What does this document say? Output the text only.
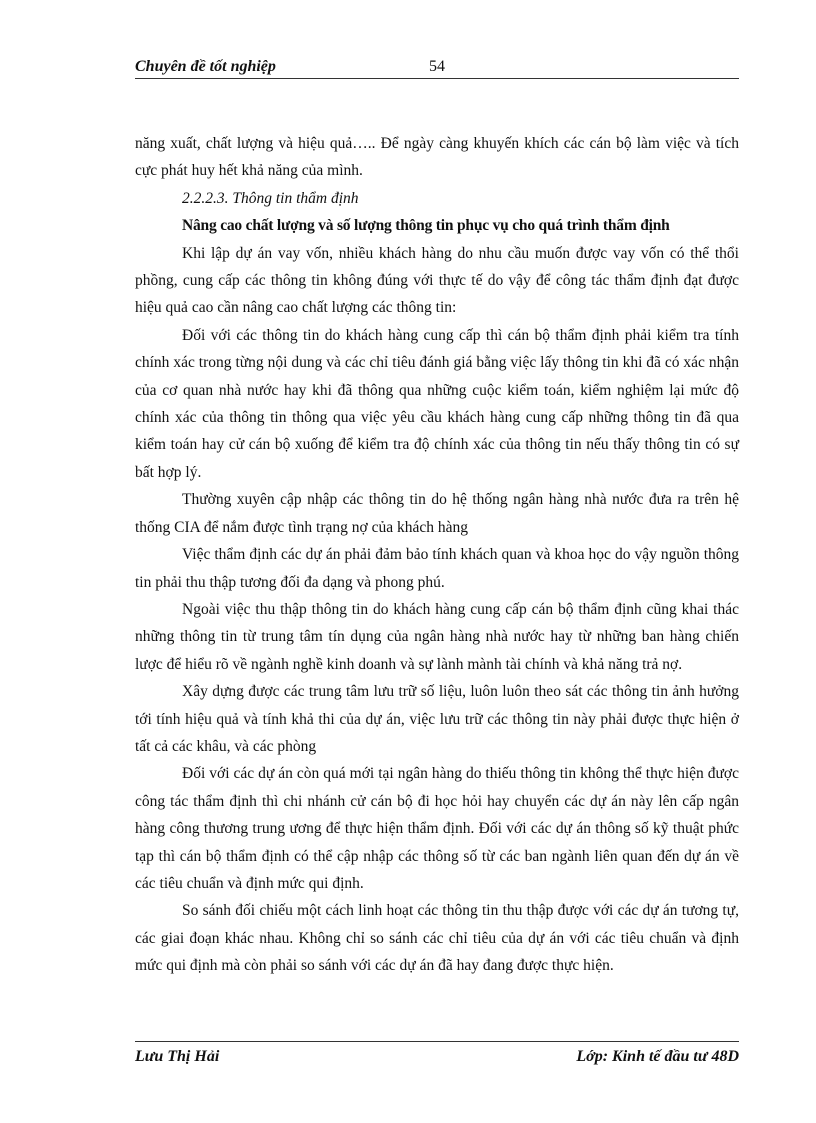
Chuyên đề tốt nghiệp	54

năng xuất, chất lượng và hiệu quả….. Để ngày càng khuyến khích các cán bộ làm việc và tích cực phát huy hết khả năng của mình.

2.2.2.3. Thông tin thẩm định

Nâng cao chất lượng và số lượng thông tin phục vụ cho quá trình thẩm định

Khi lập dự án vay vốn, nhiều khách hàng do nhu cầu muốn được vay vốn có thể thổi phồng, cung cấp các thông tin không đúng với thực tế do vậy để công tác thẩm định đạt được hiệu quả cao cần nâng cao chất lượng các thông tin:

Đối với các thông tin do khách hàng cung cấp thì cán bộ thẩm định phải kiểm tra tính chính xác trong từng nội dung và các chỉ tiêu đánh giá bằng việc lấy thông tin khi đã có xác nhận của cơ quan nhà nước hay khi đã thông qua những cuộc kiểm toán, kiểm nghiệm lại mức độ chính xác của thông tin thông qua việc yêu cầu khách hàng cung cấp những thông tin đã qua kiểm toán hay cử cán bộ xuống để kiểm tra độ chính xác của thông tin nếu thấy thông tin có sự bất hợp lý.

Thường xuyên cập nhập các thông tin do hệ thống ngân hàng nhà nước đưa ra trên hệ thống CIA để nắm được tình trạng nợ của khách hàng

Việc thẩm định các dự án phải đảm bảo tính khách quan và khoa học do vậy nguồn thông tin phải thu thập tương đối đa dạng và phong phú.

Ngoài việc thu thập thông tin do khách hàng cung cấp cán bộ thẩm định cũng khai thác những thông tin từ trung tâm tín dụng của ngân hàng nhà nước hay từ những ban hàng chiến lược để hiểu rõ về ngành nghề kinh doanh và sự lành mành tài chính và khả năng trả nợ.

Xây dựng được các trung tâm lưu trữ số liệu, luôn luôn theo sát các thông tin ảnh hưởng tới tính hiệu quả và tính khả thi của dự án, việc lưu trữ các thông tin này phải được thực hiện ở tất cả các khâu, và các phòng

Đối với các dự án còn quá mới tại ngân hàng do thiếu thông tin không thể thực hiện được công tác thẩm định thì chi nhánh cử cán bộ đi học hỏi hay chuyển các dự án này lên cấp ngân hàng công thương trung ương để thực hiện thẩm định. Đối với các dự án thông số kỹ thuật phức tạp thì cán bộ thẩm định có thể cập nhập các thông số từ các ban ngành liên quan đến dự án về các tiêu chuẩn và định mức qui định.

So sánh đối chiếu một cách linh hoạt các thông tin thu thập được với các dự án tương tự, các giai đoạn khác nhau. Không chỉ so sánh các chỉ tiêu của dự án với các tiêu chuẩn và định mức qui định mà còn phải so sánh với các dự án đã hay đang được thực hiện.

Lưu Thị Hải	Lớp: Kinh tế đầu tư 48D
